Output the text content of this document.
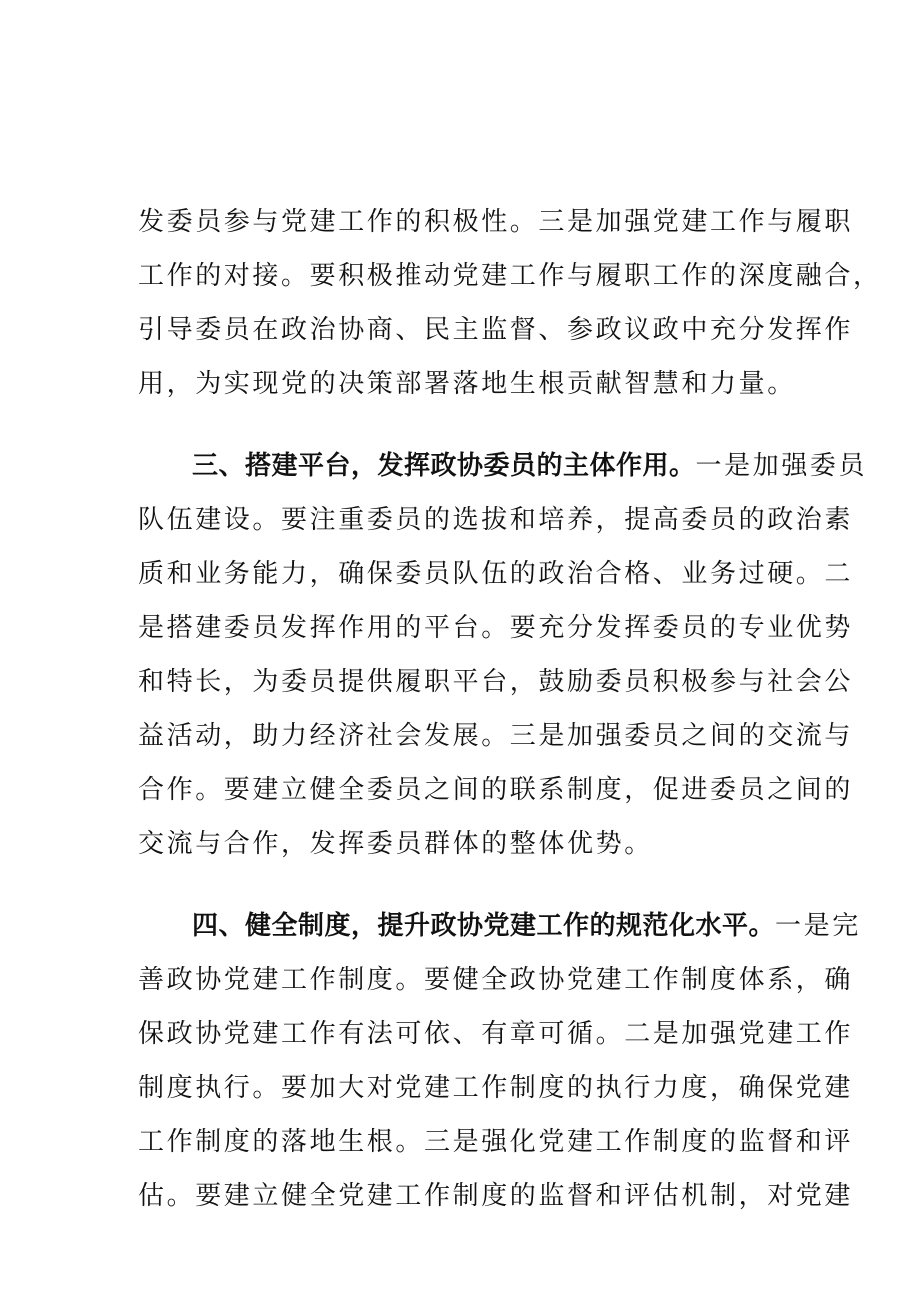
发委员参与党建工作的积极性。三是加强党建工作与履职
工作的对接。要积极推动党建工作与履职工作的深度融合，
引导委员在政治协商、民主监督、参政议政中充分发挥作
用，为实现党的决策部署落地生根贡献智慧和力量。
三、搭建平台，发挥政协委员的主体作用。一是加强委员
队伍建设。要注重委员的选拔和培养，提高委员的政治素
质和业务能力，确保委员队伍的政治合格、业务过硬。二
是搭建委员发挥作用的平台。要充分发挥委员的专业优势
和特长，为委员提供履职平台，鼓励委员积极参与社会公
益活动，助力经济社会发展。三是加强委员之间的交流与
合作。要建立健全委员之间的联系制度，促进委员之间的
交流与合作，发挥委员群体的整体优势。
四、健全制度，提升政协党建工作的规范化水平。一是完
善政协党建工作制度。要健全政协党建工作制度体系，确
保政协党建工作有法可依、有章可循。二是加强党建工作
制度执行。要加大对党建工作制度的执行力度，确保党建
工作制度的落地生根。三是强化党建工作制度的监督和评
估。要建立健全党建工作制度的监督和评估机制，对党建
